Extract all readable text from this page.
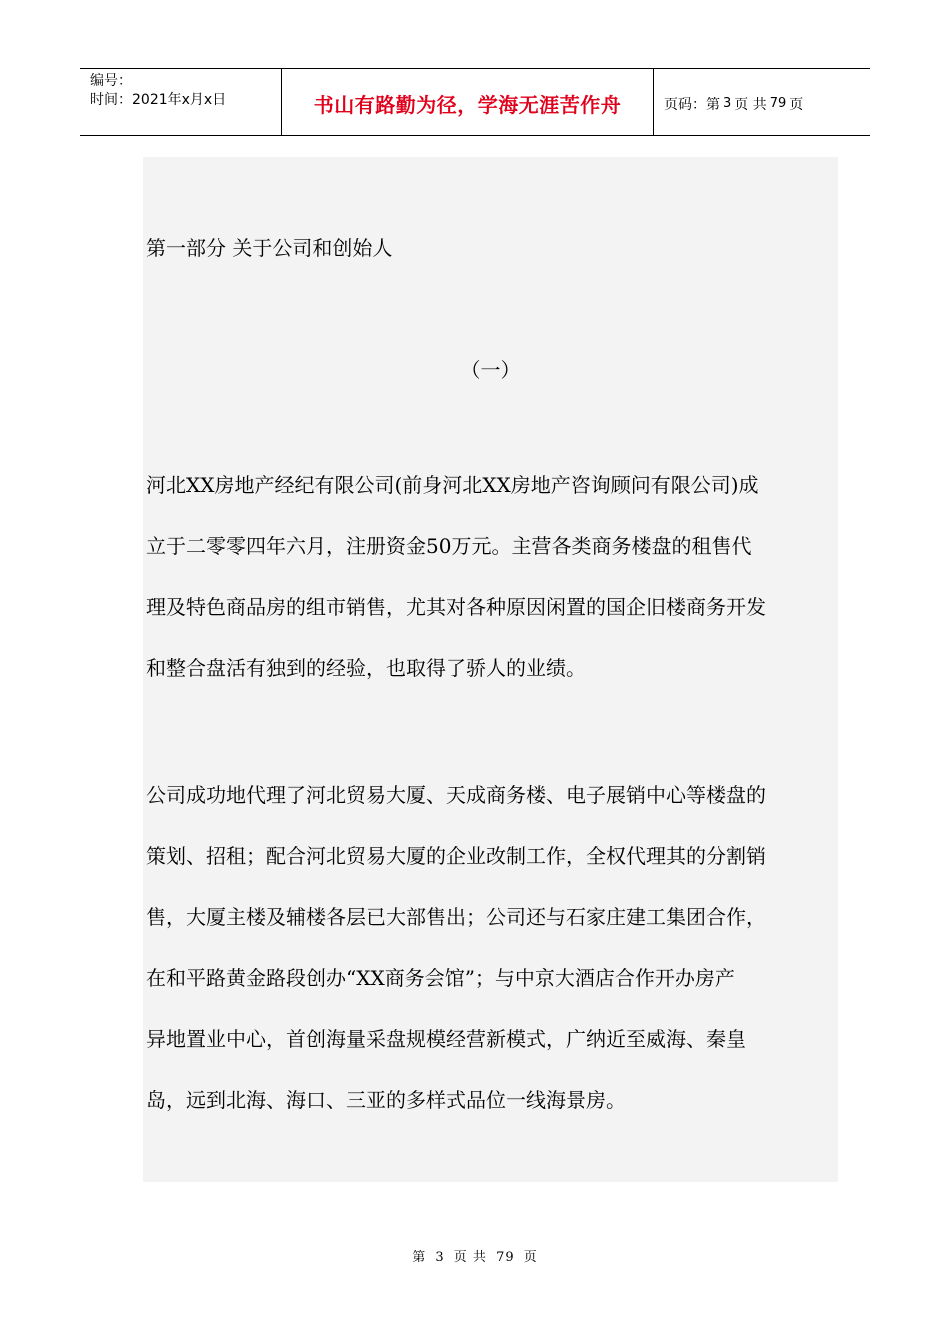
编号：
时间：2021年x月x日	书山有路勤为径，学海无涯苦作舟	页码：第 3 页 共 79 页
第一部分 关于公司和创始人
（一）
河北XX房地产经纪有限公司(前身河北XX房地产咨询顾问有限公司)成
立于二零零四年六月，注册资金50万元。主营各类商务楼盘的租售代
理及特色商品房的组市销售，尤其对各种原因闲置的国企旧楼商务开发
和整合盘活有独到的经验，也取得了骄人的业绩。
公司成功地代理了河北贸易大厦、天成商务楼、电子展销中心等楼盘的
策划、招租；配合河北贸易大厦的企业改制工作，全权代理其的分割销
售，大厦主楼及辅楼各层已大部售出；公司还与石家庄建工集团合作，
在和平路黄金路段创办“XX商务会馆”；与中京大酒店合作开办房产
异地置业中心，首创海量采盘规模经营新模式，广纳近至威海、秦皇
岛，远到北海、海口、三亚的多样式品位一线海景房。
第 3 页 共 79 页
